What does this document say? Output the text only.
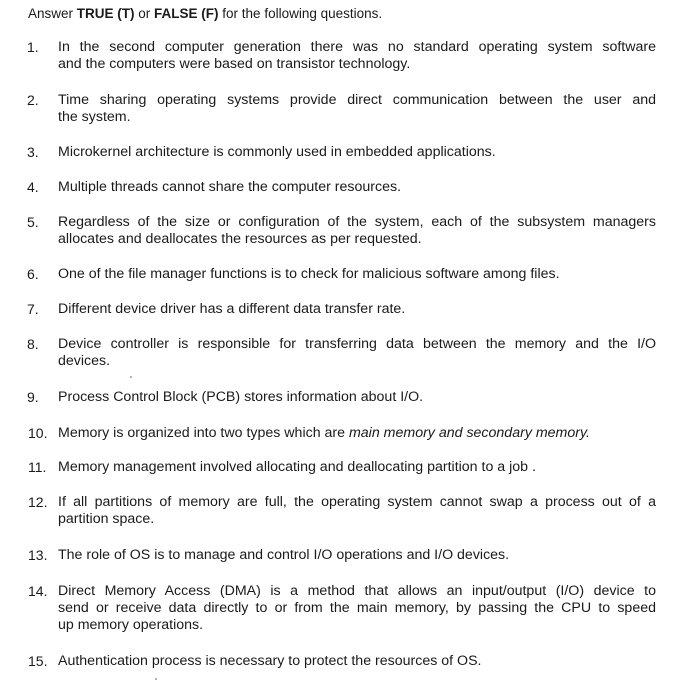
Answer TRUE (T) or FALSE (F) for the following questions.
1.	In the second computer generation there was no standard operating system software
and the computers were based on transistor technology.
2.	Time sharing operating systems provide direct communication between the user and
the system.
3.	Microkernel architecture is commonly used in embedded applications.
4.	Multiple threads cannot share the computer resources.
5.	Regardless of the size or configuration of the system, each of the subsystem managers
allocates and deallocates the resources as per requested.
6.	One of the file manager functions is to check for malicious software among files.
7.	Different device driver has a different data transfer rate.
8.	Device controller is responsible for transferring data between the memory and the I/O
devices.
9.	Process Control Block (PCB) stores information about I/O.
10. Memory is organized into two types which are main memory and secondary memory.
11. Memory management involved allocating and deallocating partition to a job .
12. If all partitions of memory are full, the operating system cannot swap a process out of a
partition space.
13. The role of OS is to manage and control I/O operations and I/O devices.
14. Direct Memory Access (DMA) is a method that allows an input/output (I/O) device to
send or receive data directly to or from the main memory, by passing the CPU to speed
up memory operations.
15. Authentication process is necessary to protect the resources of OS.
